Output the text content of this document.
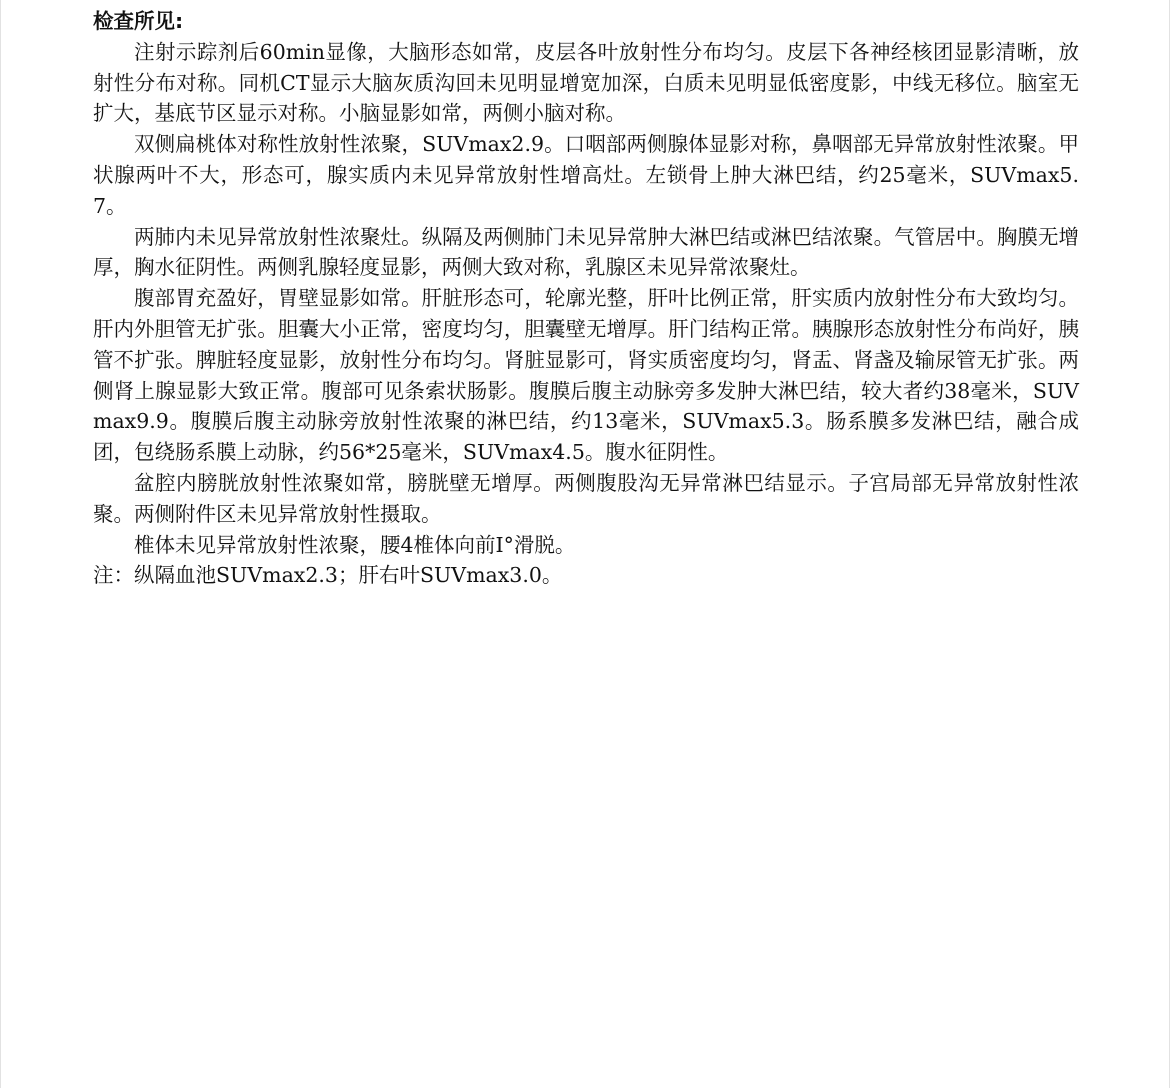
检查所见:

注射示踪剂后60min显像，大脑形态如常，皮层各叶放射性分布均匀。皮层下各神经核团显影清晰，放射性分布对称。同机CT显示大脑灰质沟回未见明显增宽加深，白质未见明显低密度影，中线无移位。脑室无扩大，基底节区显示对称。小脑显影如常，两侧小脑对称。

双侧扁桃体对称性放射性浓聚，SUVmax2.9。口咽部两侧腺体显影对称，鼻咽部无异常放射性浓聚。甲状腺两叶不大，形态可，腺实质内未见异常放射性增高灶。左锁骨上肿大淋巴结，约25毫米，SUVmax5.7。

两肺内未见异常放射性浓聚灶。纵隔及两侧肺门未见异常肿大淋巴结或淋巴结浓聚。气管居中。胸膜无增厚，胸水征阴性。两侧乳腺轻度显影，两侧大致对称，乳腺区未见异常浓聚灶。

腹部胃充盈好，胃壁显影如常。肝脏形态可，轮廓光整，肝叶比例正常，肝实质内放射性分布大致均匀。肝内外胆管无扩张。胆囊大小正常，密度均匀，胆囊壁无增厚。肝门结构正常。胰腺形态放射性分布尚好，胰管不扩张。脾脏轻度显影，放射性分布均匀。肾脏显影可，肾实质密度均匀，肾盂、肾盏及输尿管无扩张。两侧肾上腺显影大致正常。腹部可见条索状肠影。腹膜后腹主动脉旁多发肿大淋巴结，较大者约38毫米，SUVmax9.9。腹膜后腹主动脉旁放射性浓聚的淋巴结，约13毫米，SUVmax5.3。肠系膜多发淋巴结，融合成团，包绕肠系膜上动脉，约56*25毫米，SUVmax4.5。腹水征阴性。

盆腔内膀胱放射性浓聚如常，膀胱壁无增厚。两侧腹股沟无异常淋巴结显示。子宫局部无异常放射性浓聚。两侧附件区未见异常放射性摄取。

椎体未见异常放射性浓聚，腰4椎体向前Ⅰ°滑脱。

注：纵隔血池SUVmax2.3；肝右叶SUVmax3.0。
